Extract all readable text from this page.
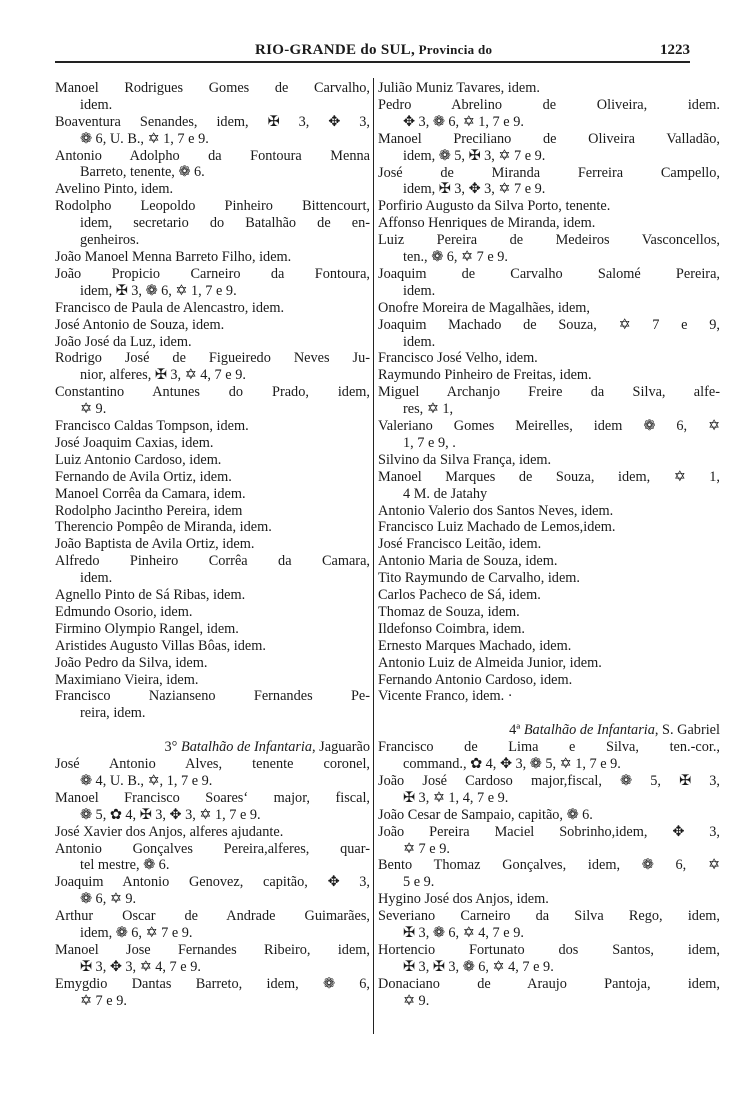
RIO-GRANDE do SUL, Provincia do	1223
Manoel Rodrigues Gomes de Carvalho,
idem.
Boaventura Senandes, idem, ✠ 3, ✥ 3,
❁ 6, U. B., ✡ 1, 7 e 9.
Antonio Adolpho da Fontoura Menna
Barreto, tenente, ❁ 6.
Avelino Pinto, idem.
Rodolpho Leopoldo Pinheiro Bittencourt,
idem, secretario do Batalhão de en-
genheiros.
João Manoel Menna Barreto Filho, idem.
João Propicio Carneiro da Fontoura,
idem, ✠ 3, ❁ 6, ✡ 1, 7 e 9.
Francisco de Paula de Alencastro, idem.
José Antonio de Souza, idem.
João José da Luz, idem.
Rodrigo José de Figueiredo Neves Ju-
nior, alferes, ✠ 3, ✡ 4, 7 e 9.
Constantino Antunes do Prado, idem,
✡ 9.
Francisco Caldas Tompson, idem.
José Joaquim Caxias, idem.
Luiz Antonio Cardoso, idem.
Fernando de Avila Ortiz, idem.
Manoel Corrêa da Camara, idem.
Rodolpho Jacintho Pereira, idem
Therencio Pompêo de Miranda, idem.
João Baptista de Avila Ortiz, idem.
Alfredo Pinheiro Corrêa da Camara,
idem.
Agnello Pinto de Sá Ribas, idem.
Edmundo Osorio, idem.
Firmino Olympio Rangel, idem.
Aristides Augusto Villas Bôas, idem.
João Pedro da Silva, idem.
Maximiano Vieira, idem.
Francisco Nazianseno Fernandes Pe-
reira, idem.
3° Batalhão de Infantaria, Jaguarão
José Antonio Alves, tenente coronel,
❁ 4, U. B., ✡, 1, 7 e 9.
Manoel Francisco Soares‘ major, fiscal,
❁ 5, ✿ 4, ✠ 3, ✥ 3, ✡ 1, 7 e 9.
José Xavier dos Anjos, alferes ajudante.
Antonio Gonçalves Pereira,alferes, quar-
tel mestre, ❁ 6.
Joaquim Antonio Genovez, capitão, ✥ 3,
❁ 6, ✡ 9.
Arthur Oscar de Andrade Guimarães,
idem, ❁ 6, ✡ 7 e 9.
Manoel Jose Fernandes Ribeiro, idem,
✠ 3, ✥ 3, ✡ 4, 7 e 9.
Emygdio Dantas Barreto, idem, ❁ 6,
✡ 7 e 9.
Julião Muniz Tavares, idem.
Pedro Abrelino de Oliveira, idem.
✥ 3, ❁ 6, ✡ 1, 7 e 9.
Manoel Preciliano de Oliveira Valladão,
idem, ❁ 5, ✠ 3, ✡ 7 e 9.
José de Miranda Ferreira Campello,
idem, ✠ 3, ✥ 3, ✡ 7 e 9.
Porfirio Augusto da Silva Porto, tenente.
Affonso Henriques de Miranda, idem.
Luiz Pereira de Medeiros Vasconcellos,
ten., ❁ 6, ✡ 7 e 9.
Joaquim de Carvalho Salomé Pereira,
idem.
Onofre Moreira de Magalhães, idem,
Joaquim Machado de Souza, ✡ 7 e 9,
idem.
Francisco José Velho, idem.
Raymundo Pinheiro de Freitas, idem.
Miguel Archanjo Freire da Silva, alfe-
res, ✡ 1,
Valeriano Gomes Meirelles, idem ❁ 6, ✡
1, 7 e 9, .
Silvino da Silva França, idem.
Manoel Marques de Souza, idem, ✡ 1,
4 M. de Jatahy
Antonio Valerio dos Santos Neves, idem.
Francisco Luiz Machado de Lemos,idem.
José Francisco Leitão, idem.
Antonio Maria de Souza, idem.
Tito Raymundo de Carvalho, idem.
Carlos Pacheco de Sá, idem.
Thomaz de Souza, idem.
Ildefonso Coimbra, idem.
Ernesto Marques Machado, idem.
Antonio Luiz de Almeida Junior, idem.
Fernando Antonio Cardoso, idem.
Vicente Franco, idem. ·
4ª Batalhão de Infantaria, S. Gabriel
Francisco de Lima e Silva, ten.-cor.,
command., ✿ 4, ✥ 3, ❁ 5, ✡ 1, 7 e 9.
João José Cardoso major,fiscal, ❁ 5, ✠ 3,
✠ 3, ✡ 1, 4, 7 e 9.
João Cesar de Sampaio, capitão, ❁ 6.
João Pereira Maciel Sobrinho,idem, ✥ 3,
✡ 7 e 9.
Bento Thomaz Gonçalves, idem, ❁ 6, ✡
5 e 9.
Hygino José dos Anjos, idem.
Severiano Carneiro da Silva Rego, idem,
✠ 3, ❁ 6, ✡ 4, 7 e 9.
Hortencio Fortunato dos Santos, idem,
✠ 3, ✠ 3, ❁ 6, ✡ 4, 7 e 9.
Donaciano de Araujo Pantoja, idem,
✡ 9.
